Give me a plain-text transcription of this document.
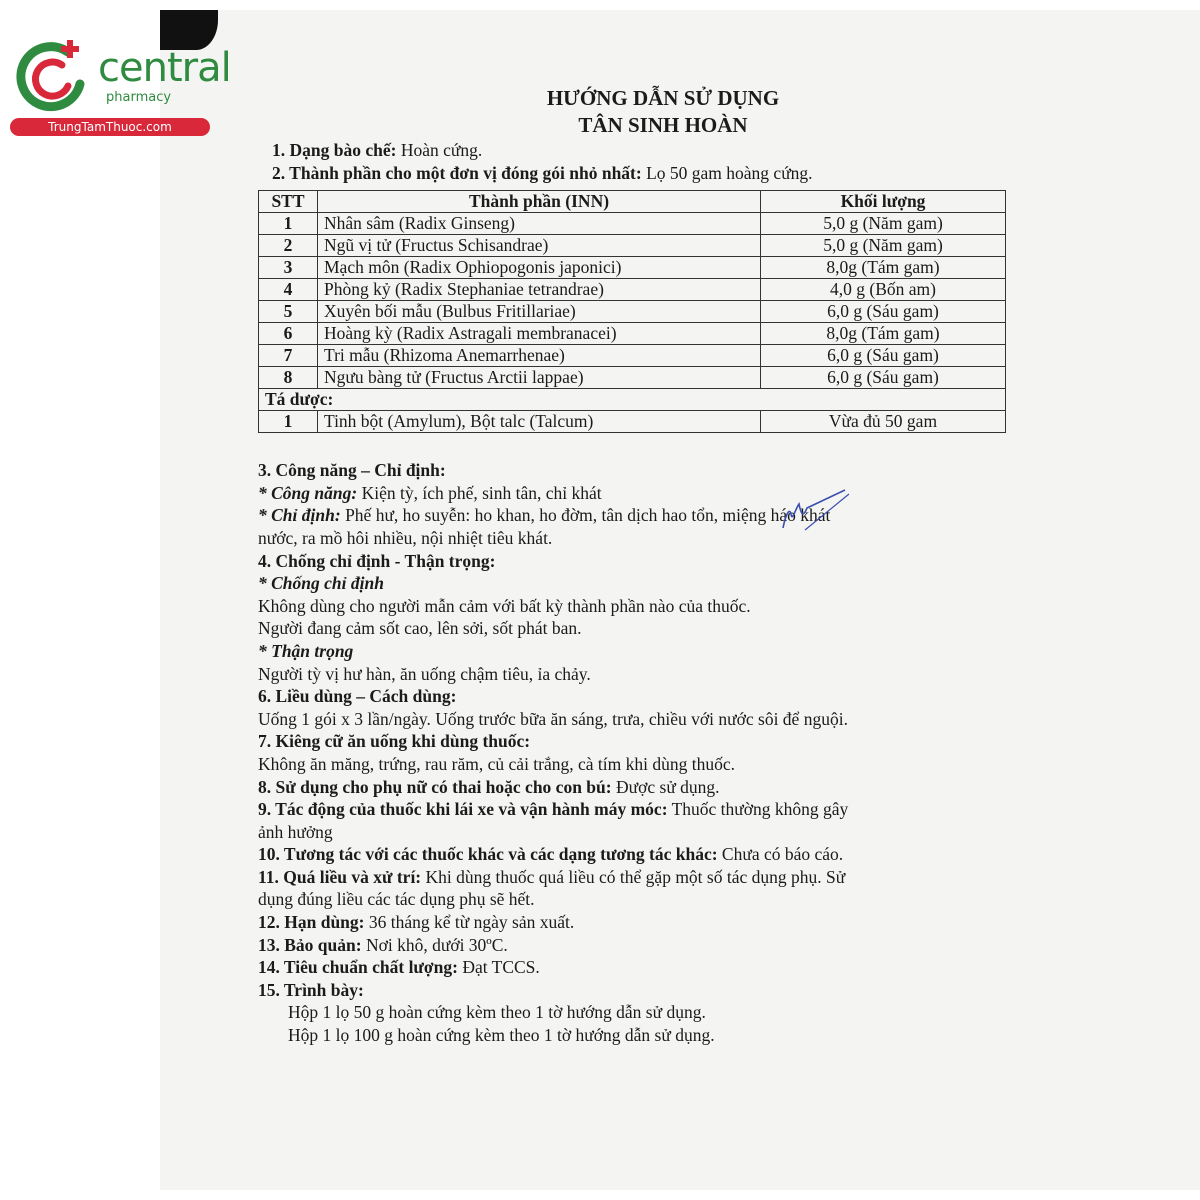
central
pharmacy
TrungTamThuoc.com
HƯỚNG DẪN SỬ DỤNG
TÂN SINH HOÀN
1. Dạng bào chế: Hoàn cứng.
2. Thành phần cho một đơn vị đóng gói nhỏ nhất: Lọ 50 gam hoàng cứng.
STT	Thành phần (INN)	Khối lượng
1	Nhân sâm (Radix Ginseng)	5,0 g (Năm gam)
2	Ngũ vị tử (Fructus Schisandrae)	5,0 g (Năm gam)
3	Mạch môn (Radix Ophiopogonis japonici)	8,0g (Tám gam)
4	Phòng kỷ (Radix Stephaniae tetrandrae)	4,0 g (Bốn am)
5	Xuyên bối mẫu (Bulbus Fritillariae)	6,0 g (Sáu gam)
6	Hoàng kỳ (Radix Astragali membranacei)	8,0g (Tám gam)
7	Tri mẫu (Rhizoma Anemarrhenae)	6,0 g (Sáu gam)
8	Ngưu bàng tử (Fructus Arctii lappae)	6,0 g (Sáu gam)
Tá dược:		
1	Tinh bột (Amylum), Bột talc (Talcum)	Vừa đủ 50 gam
3. Công năng – Chỉ định:
* Công năng: Kiện tỳ, ích phế, sinh tân, chỉ khát
* Chỉ định: Phế hư, ho suyễn: ho khan, ho đờm, tân dịch hao tổn, miệng háo khát
nước, ra mồ hôi nhiều, nội nhiệt tiêu khát.
4. Chống chỉ định - Thận trọng:
* Chống chỉ định
Không dùng cho người mẫn cảm với bất kỳ thành phần nào của thuốc.
Người đang cảm sốt cao, lên sởi, sốt phát ban.
* Thận trọng
Người tỳ vị hư hàn, ăn uống chậm tiêu, ỉa chảy.
6. Liều dùng – Cách dùng:
Uống 1 gói x 3 lần/ngày. Uống trước bữa ăn sáng, trưa, chiều với nước sôi để nguội.
7. Kiêng cữ ăn uống khi dùng thuốc:
Không ăn măng, trứng, rau răm, củ cải trắng, cà tím khi dùng thuốc.
8. Sử dụng cho phụ nữ có thai hoặc cho con bú: Được sử dụng.
9. Tác động của thuốc khi lái xe và vận hành máy móc: Thuốc thường không gây
ảnh hưởng
10. Tương tác với các thuốc khác và các dạng tương tác khác: Chưa có báo cáo.
11. Quá liều và xử trí: Khi dùng thuốc quá liều có thể gặp một số tác dụng phụ. Sử
dụng đúng liều các tác dụng phụ sẽ hết.
12. Hạn dùng: 36 tháng kể từ ngày sản xuất.
13. Bảo quản: Nơi khô, dưới 30ºC.
14. Tiêu chuẩn chất lượng: Đạt TCCS.
15. Trình bày:
Hộp 1 lọ 50 g hoàn cứng kèm theo 1 tờ hướng dẫn sử dụng.
Hộp 1 lọ 100 g hoàn cứng kèm theo 1 tờ hướng dẫn sử dụng.
